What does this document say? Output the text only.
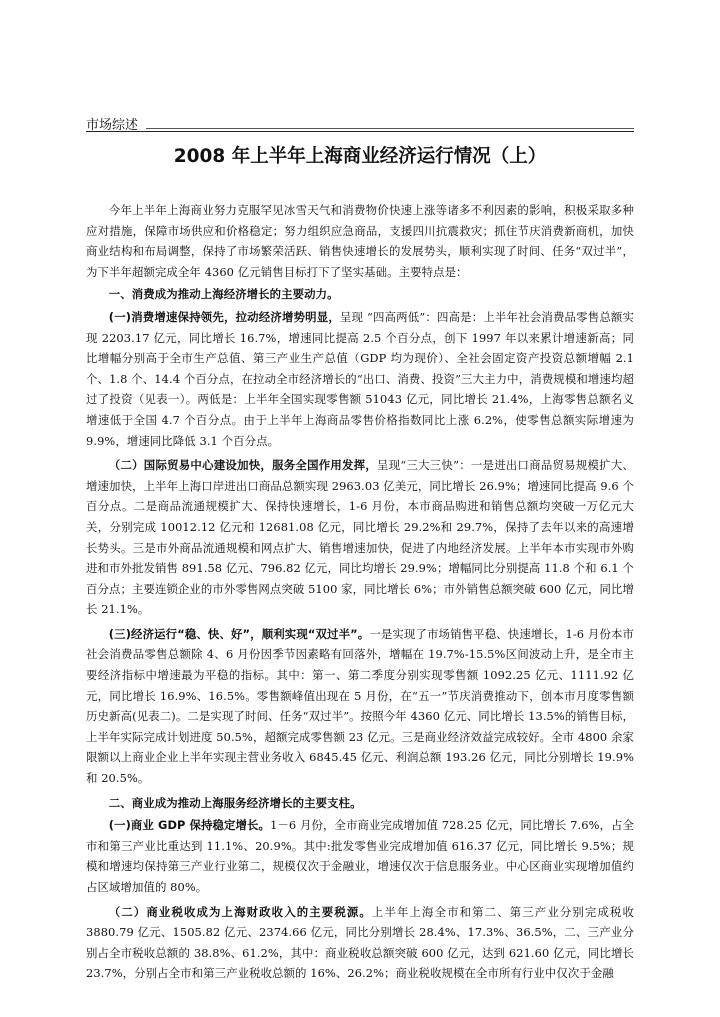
市场综述
2008 年上半年上海商业经济运行情况（上）

今年上半年上海商业努力克服罕见冰雪天气和消费物价快速上涨等诸多不利因素的影响，积极采取多种应对措施，保障市场供应和价格稳定；努力组织应急商品，支援四川抗震救灾；抓住节庆消费新商机，加快商业结构和布局调整，保持了市场繁荣活跃、销售快速增长的发展势头，顺利实现了时间、任务“双过半”，为下半年超额完成全年 4360 亿元销售目标打下了坚实基础。主要特点是：

一、消费成为推动上海经济增长的主要动力。

(一)消费增速保持领先，拉动经济增势明显，呈现 “四高两低”：四高是：上半年社会消费品零售总额实现 2203.17 亿元，同比增长 16.7%，增速同比提高 2.5 个百分点，创下 1997 年以来累计增速新高；同比增幅分别高于全市生产总值、第三产业生产总值（GDP 均为现价）、全社会固定资产投资总额增幅 2.1 个、1.8 个、14.4 个百分点，在拉动全市经济增长的“出口、消费、投资”三大主力中，消费规模和增速均超过了投资（见表一）。两低是：上半年全国实现零售额 51043 亿元，同比增长 21.4%，上海零售总额名义增速低于全国 4.7 个百分点。由于上半年上海商品零售价格指数同比上涨 6.2%，使零售总额实际增速为 9.9%，增速同比降低 3.1 个百分点。

（二）国际贸易中心建设加快，服务全国作用发挥，呈现“三大三快”：一是进出口商品贸易规模扩大、增速加快，上半年上海口岸进出口商品总额实现 2963.03 亿美元，同比增长 26.9%；增速同比提高 9.6 个百分点。二是商品流通规模扩大、保持快速增长，1-6 月份，本市商品购进和销售总额均突破一万亿元大关，分别完成 10012.12 亿元和 12681.08 亿元，同比增长 29.2%和 29.7%，保持了去年以来的高速增长势头。三是市外商品流通规模和网点扩大、销售增速加快，促进了内地经济发展。上半年本市实现市外购进和市外批发销售 891.58 亿元、796.82 亿元，同比均增长 29.9%；增幅同比分别提高 11.8 个和 6.1 个百分点；主要连锁企业的市外零售网点突破 5100 家，同比增长 6%；市外销售总额突破 600 亿元，同比增长 21.1%。

(三)经济运行“稳、快、好”，顺利实现“双过半”。一是实现了市场销售平稳、快速增长，1-6 月份本市社会消费品零售总额除 4、6 月份因季节因素略有回落外，增幅在 19.7%-15.5%区间波动上升，是全市主要经济指标中增速最为平稳的指标。其中：第一、第二季度分别实现零售额 1092.25 亿元、1111.92 亿元，同比增长 16.9%、16.5%。零售额峰值出现在 5 月份，在“五一”节庆消费推动下，创本市月度零售额历史新高(见表二)。二是实现了时间、任务“双过半”。按照今年 4360 亿元、同比增长 13.5%的销售目标，上半年实际完成计划进度 50.5%，超额完成零售额 23 亿元。三是商业经济效益完成较好。全市 4800 余家限额以上商业企业上半年实现主营业务收入 6845.45 亿元、利润总额 193.26 亿元，同比分别增长 19.9%和 20.5%。

二、商业成为推动上海服务经济增长的主要支柱。

(一)商业 GDP 保持稳定增长。1－6 月份，全市商业完成增加值 728.25 亿元，同比增长 7.6%，占全市和第三产业比重达到 11.1%、20.9%。其中:批发零售业完成增加值 616.37 亿元，同比增长 9.5%；规模和增速均保持第三产业行业第二，规模仅次于金融业，增速仅次于信息服务业。中心区商业实现增加值约占区域增加值的 80%。

（二）商业税收成为上海财政收入的主要税源。上半年上海全市和第二、第三产业分别完成税收 3880.79 亿元、1505.82 亿元、2374.66 亿元，同比分别增长 28.4%、17.3%、36.5%，二、三产业分别占全市税收总额的 38.8%、61.2%，其中：商业税收总额突破 600 亿元，达到 621.60 亿元，同比增长 23.7%，分别占全市和第三产业税收总额的 16%、26.2%；商业税收规模在全市所有行业中仅次于金融
